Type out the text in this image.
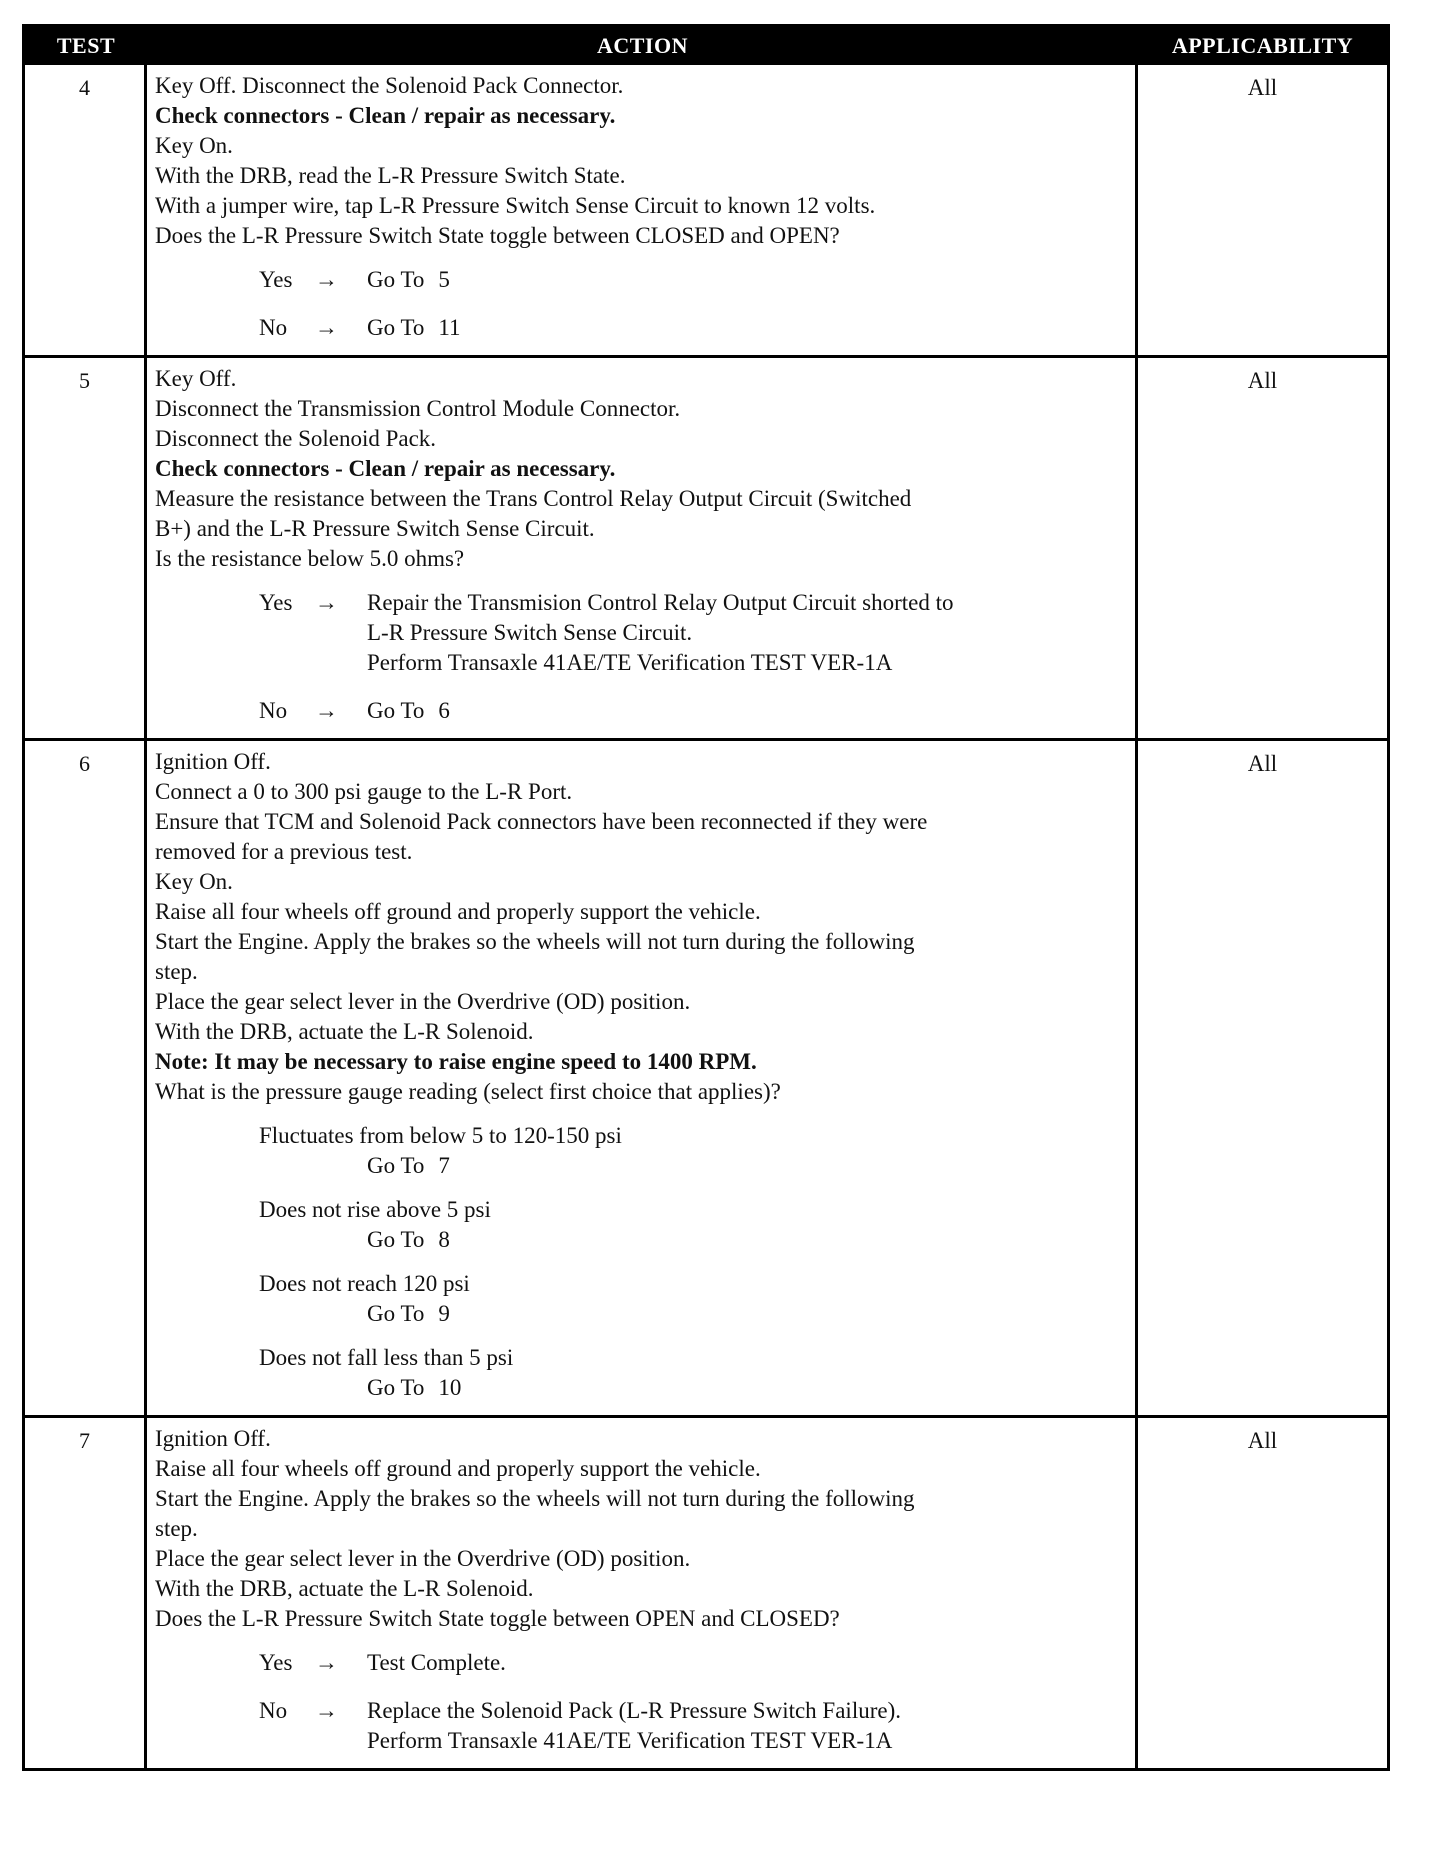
TEST	ACTION	APPLICABILITY
4	Key Off. Disconnect the Solenoid Pack Connector.
Check connectors - Clean / repair as necessary.
Key On.
With the DRB, read the L-R Pressure Switch State.
With a jumper wire, tap L-R Pressure Switch Sense Circuit to known 12 volts.
Does the L-R Pressure Switch State toggle between CLOSED and OPEN?
Yes →	Go To 5
No	→	Go To 11
All
5	Key Off.
Disconnect the Transmission Control Module Connector.
Disconnect the Solenoid Pack.
Check connectors - Clean / repair as necessary.
Measure the resistance between the Trans Control Relay Output Circuit (Switched
B+) and the L-R Pressure Switch Sense Circuit.
Is the resistance below 5.0 ohms?
Yes →	Repair the Transmision Control Relay Output Circuit shorted to
L-R Pressure Switch Sense Circuit.
Perform Transaxle 41AE/TE Verification TEST VER-1A
No	→	Go To 6
All
6	Ignition Off.
Connect a 0 to 300 psi gauge to the L-R Port.
Ensure that TCM and Solenoid Pack connectors have been reconnected if they were
removed for a previous test.
Key On.
Raise all four wheels off ground and properly support the vehicle.
Start the Engine. Apply the brakes so the wheels will not turn during the following
step.
Place the gear select lever in the Overdrive (OD) position.
With the DRB, actuate the L-R Solenoid.
Note: It may be necessary to raise engine speed to 1400 RPM.
What is the pressure gauge reading (select first choice that applies)?
Fluctuates from below 5 to 120-150 psi
Go To 7
Does not rise above 5 psi
Go To 8
Does not reach 120 psi
Go To 9
Does not fall less than 5 psi
Go To 10
All
7	Ignition Off.
Raise all four wheels off ground and properly support the vehicle.
Start the Engine. Apply the brakes so the wheels will not turn during the following
step.
Place the gear select lever in the Overdrive (OD) position.
With the DRB, actuate the L-R Solenoid.
Does the L-R Pressure Switch State toggle between OPEN and CLOSED?
Yes →	Test Complete.
No	→	Replace the Solenoid Pack (L-R Pressure Switch Failure).
Perform Transaxle 41AE/TE Verification TEST VER-1A
All
